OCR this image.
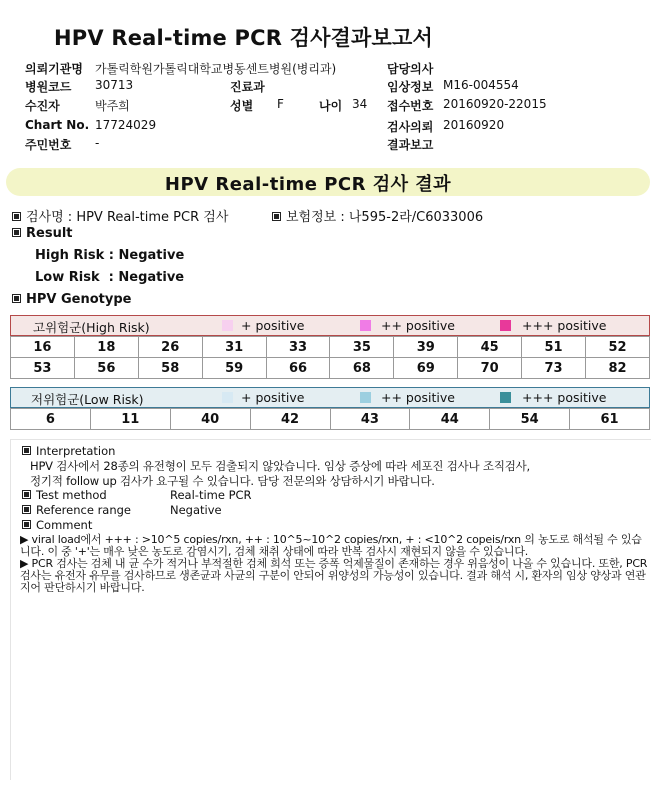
HPV Real-time PCR 검사결과보고서
의뢰기관명 가톨릭학원가톨릭대학교병동센트병원(병리과)
병원코드 30713
수진자	박주희
Chart No. 17724029
주민번호 -
진료과
성별 F	나이 34
담당의사
임상정보 M16-004554
접수번호 20160920-22015
검사의뢰 20160920
결과보고
HPV Real-time PCR 검사 결과
검사명 : HPV Real-time PCR 검사	보험정보 : 나595-2라/C6033006
Result
High Risk : Negative
Low Risk  : Negative
HPV Genotype
고위험군(High Risk)	+ positive	++ positive	+++ positive
16	18	26	31	33	35	39	45	51	52
53	56	58	59	66	68	69	70	73	82
저위험군(Low Risk)	+ positive	++ positive	+++ positive
6	11	40	42	43	44	54	61
Interpretation
HPV 검사에서 28종의 유전형이 모두 검출되지 않았습니다. 임상 증상에 따라 세포진 검사나 조직검사,
정기적 follow up 검사가 요구될 수 있습니다. 담당 전문의와 상담하시기 바랍니다.
Test method	Real-time PCR
Reference range	Negative
Comment
▶ viral load에서 +++ : >10^5 copies/rxn, ++ : 10^5~10^2 copies/rxn, + : <10^2 copeis/rxn 의 농도로 해석될 수 있습니다. 이 중 '+'는 매우 낮은 농도로 감염시기, 검체 채취 상태에 따라 반복 검사시 재현되지 않을 수 있습니다.
▶ PCR 검사는 검체 내 균 수가 적거나 부적절한 검체 희석 또는 증폭 억제물질이 존재하는 경우 위음성이 나올 수 있습니다. 또한, PCR 검사는 유전자 유무를 검사하므로 생존균과 사균의 구분이 안되어 위양성의 가능성이 있습니다. 결과 해석 시, 환자의 임상 양상과 연관지어 판단하시기 바랍니다.
